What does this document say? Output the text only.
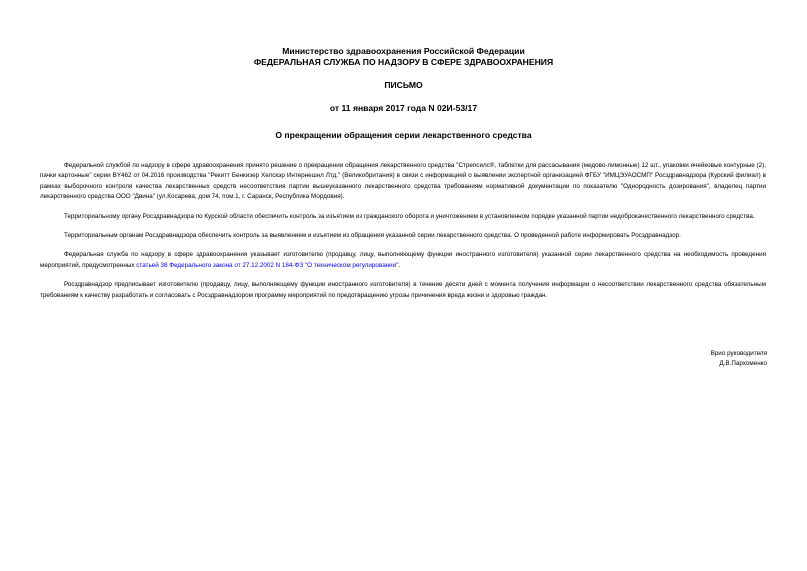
Министерство здравоохранения Российской Федерации
ФЕДЕРАЛЬНАЯ СЛУЖБА ПО НАДЗОРУ В СФЕРЕ ЗДРАВООХРАНЕНИЯ
ПИСЬМО
от 11 января 2017 года N 02И-53/17
О прекращении обращения серии лекарственного средства

Федеральной службой по надзору в сфере здравоохранения принято решение о прекращении обращения лекарственного средства "Стрепсилс®, таблетки для рассасывания (медово-лимонные) 12 шт., упаковки ячейковые контурные (2), пачки картонные" серии BY462 от 04.2016 производства "Рекитт Бенкизер Хелскэр Интернешнл Лтд." (Великобритания) в связи с информацией о выявлении экспертной организацией ФГБУ "ИМЦЭУАОСМП" Росздравнадзора (Курский филиал) в рамках выборочного контроля качества лекарственных средств несоответствия партии вышеуказанного лекарственного средства требованиям нормативной документации по показателю "Однородность дозирования", владелец партии лекарственного средства ООО "Двина" (ул.Косарева, дом 74, пом.1, г. Саранск, Республика Мордовия).

Территориальному органу Росздравнадзора по Курской области обеспечить контроль за изъятием из гражданского оборота и уничтожением в установленном порядке указанной партии недоброкачественного лекарственного средства.

Территориальным органам Росздравнадзора обеспечить контроль за выявлением и изъятием из обращения указанной серии лекарственного средства. О проведенной работе информировать Росздравнадзор.

Федеральная служба по надзору в сфере здравоохранения указывает изготовителю (продавцу, лицу, выполняющему функции иностранного изготовителя) указанной серии лекарственного средства на необходимость проведения мероприятий, предусмотренных статьей 38 Федерального закона от 27.12.2002 N 184-ФЗ "О техническом регулировании".

Росздравнадзор предписывает изготовителю (продавцу, лицу, выполняющему функции иностранного изготовителя) в течение десяти дней с момента получения информации о несоответствии лекарственного средства обязательным требованиям к качеству разработать и согласовать с Росздравнадзором программу мероприятий по предотвращению угрозы причинения вреда жизни и здоровью граждан.

Врио руководителя
Д.В.Пархоменко
